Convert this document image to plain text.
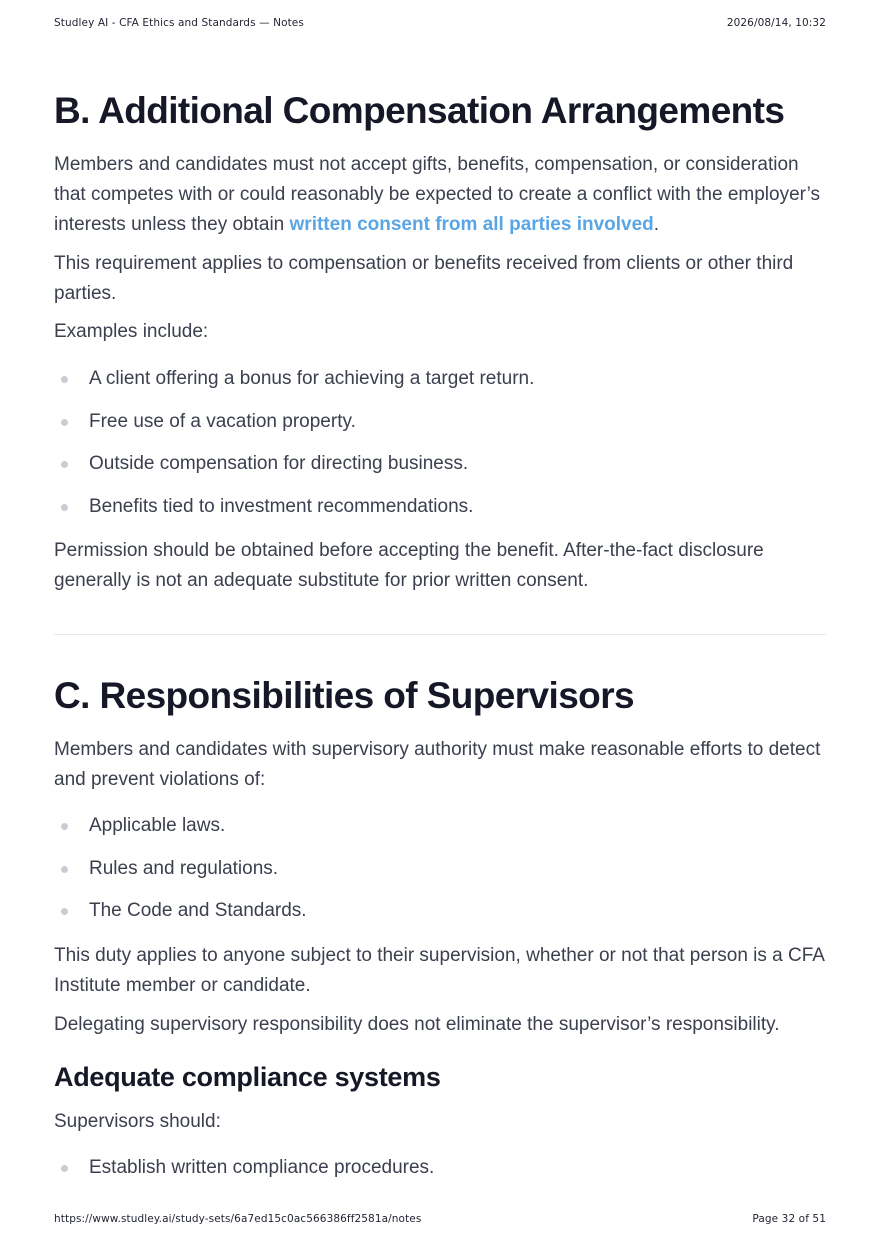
Studley AI - CFA Ethics and Standards — Notes	2026/08/14, 10:32
B. Additional Compensation Arrangements

Members and candidates must not accept gifts, benefits, compensation, or consideration that competes with or could reasonably be expected to create a conflict with the employer’s interests unless they obtain written consent from all parties involved.

This requirement applies to compensation or benefits received from clients or other third parties.

Examples include:

A client offering a bonus for achieving a target return.
Free use of a vacation property.
Outside compensation for directing business.
Benefits tied to investment recommendations.

Permission should be obtained before accepting the benefit. After-the-fact disclosure generally is not an adequate substitute for prior written consent.

C. Responsibilities of Supervisors

Members and candidates with supervisory authority must make reasonable efforts to detect and prevent violations of:

Applicable laws.
Rules and regulations.
The Code and Standards.

This duty applies to anyone subject to their supervision, whether or not that person is a CFA Institute member or candidate.

Delegating supervisory responsibility does not eliminate the supervisor’s responsibility.

Adequate compliance systems

Supervisors should:

Establish written compliance procedures.
https://www.studley.ai/study-sets/6a7ed15c0ac566386ff2581a/notes	Page 32 of 51
